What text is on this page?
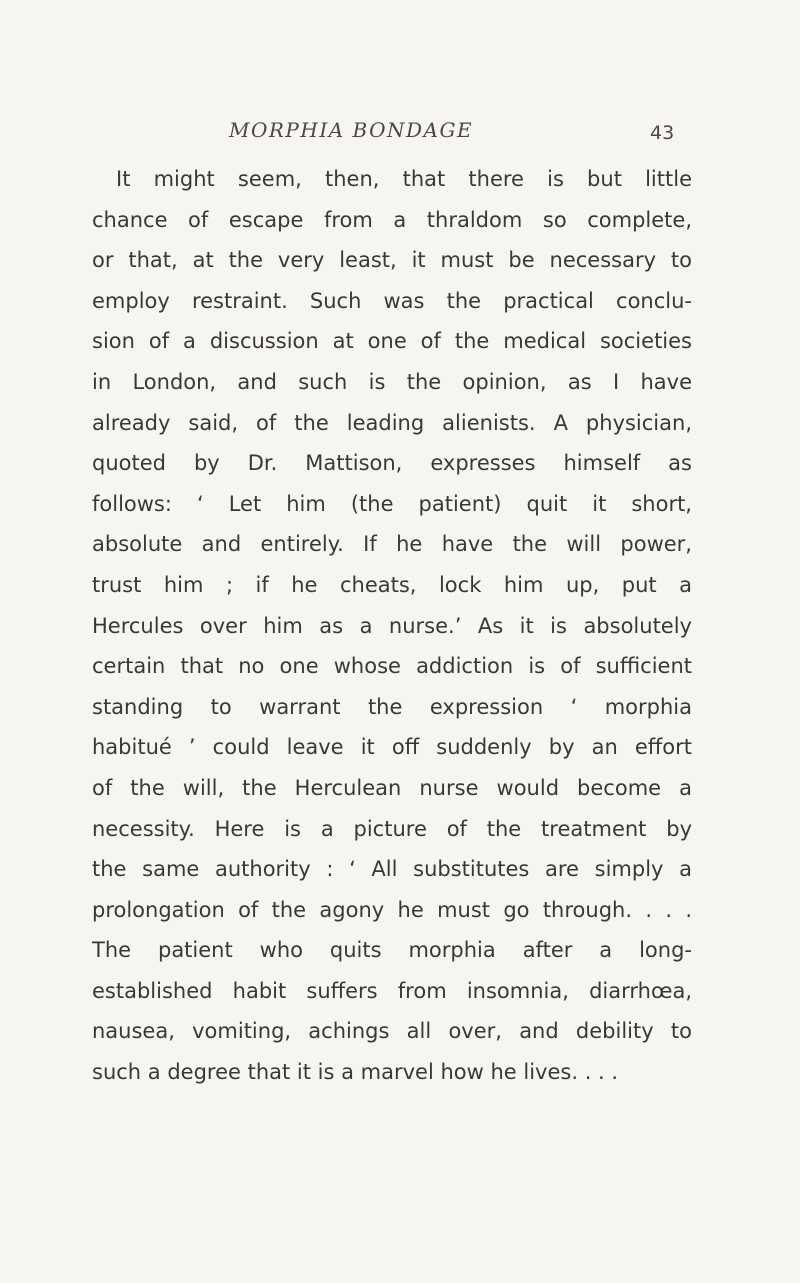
MORPHIA BONDAGE	43
It might seem, then, that there is but little
chance of escape from a thraldom so complete,
or that, at the very least, it must be necessary to
employ restraint. Such was the practical conclu-
sion of a discussion at one of the medical societies
in London, and such is the opinion, as I have
already said, of the leading alienists. A physician,
quoted by Dr. Mattison, expresses himself as
follows: ‘ Let him (the patient) quit it short,
absolute and entirely. If he have the will power,
trust him ; if he cheats, lock him up, put a
Hercules over him as a nurse.’ As it is absolutely
certain that no one whose addiction is of sufficient
standing to warrant the expression ‘ morphia
habitué ’ could leave it off suddenly by an effort
of the will, the Herculean nurse would become a
necessity. Here is a picture of the treatment by
the same authority : ‘ All substitutes are simply a
prolongation of the agony he must go through. . . .
The patient who quits morphia after a long-
established habit suffers from insomnia, diarrhœa,
nausea, vomiting, achings all over, and debility to
such a degree that it is a marvel how he lives. . . .
